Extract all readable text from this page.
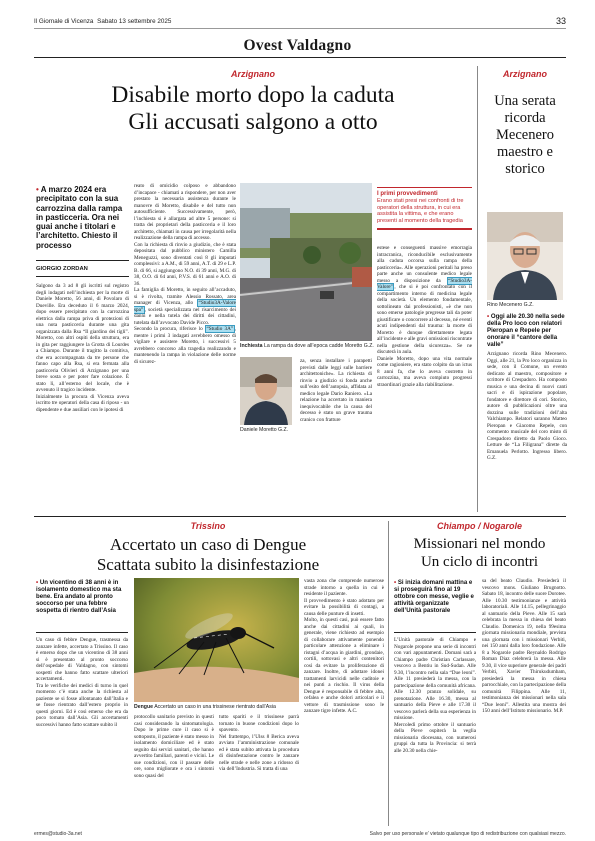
Il Giornale di Vicenza Sabato 13 settembre 2025	33
Ovest Valdagno
Arzignano
Disabile morto dopo la caduta
Gli accusati salgono a otto
• A marzo 2024 era precipitato con la sua carrozzina dalla rampa in pasticceria. Ora nei guai anche i titolari e l’architetto. Chiesto il processo
GIORGIO ZORDAN
Salgono da 3 ad 8 gli iscritti sul registro degli indagati nell’inchiesta per la morte di Daniele Moretto, 56 anni, di Povolaro di Dueville. Era deceduto il 6 marzo 2024, dopo essere precipitato con la carrozzina elettrica dalla rampa priva di protezioni di una nota pasticceria durante una gita organizzata dalla Rsa “Il giardino dei tigli”. Moretto, con altri ospiti della struttura, era in gita per raggiungere la Grotta di Lourdes a Chiampo. Durante il tragitto la comitiva, che era accompagnata da tre persone che fanno capo alla Rsa, si era fermata alla pasticceria Olivieri di Arzignano per una breve sosta e per poter fare colazione. È stato lì, all’esterno del locale, che è avvenuto il tragico incidente.
Inizialmente la procura di Vicenza aveva iscritto tre operatori della casa di riposo - un dipendente e due ausiliari con le ipotesi di
reato di omicidio colposo e abbandono d’incapace - chiamati a rispondere, per non aver prestato la necessaria assistenza durante le manovre di Moretto, disabile e del tutto non autosufficiente. Successivamente, però, l’inchiesta si è allargata ad altre 5 persone: si tratta dei proprietari della pasticceria e il loro architetto, chiamati in causa per irregolarità nella realizzazione della rampa di accesso.
Con la richiesta di rinvio a giudizio, che è stata depositata dal pubblico ministero Camilla Meneguzzi, sono diventati così 8 gli imputati complessivi: a A.M., di 59 anni, A.T. di 29 e L.P. B. di 66, si aggiungono N.O. di 39 anni, M.G. di 38, O.O. di 64 anni, P.V.S. di 61 anni e A.O. di 36.
La famiglia di Moretto, in seguito all’accaduto, si è rivolta, tramite Alessio Rossato, area manager di Vicenza, allo “Studio3A-Valore spa” , società specializzata nel risarcimento dei danni e nella tutela dei diritti dei cittadini, tutelata dall’avvocato Davide Picco.
Secondo la procura, riferisce lo “Studio 3A” , mentre i primi 3 indagati avrebbero omesso di vigilare e assistere Moretto, i successivi 5 avrebbero concorso alla tragedia realizzando e mantenendo la rampa in violazione delle norme di sicurez-
Inchiesta La rampa da dove all’epoca cadde Moretto G.Z.
Daniele Moretto G.Z.
za, senza installare i parapetti previsti dalle leggi sulle barriere architettoniche». La richiesta di rinvio a giudizio si fonda anche sull’esito dell’autopsia, affidata al medico legale Dario Raniero. «La relazione ha accertato in maniera inequivocabile che la causa del decesso è stato un grave trauma cranico con fratture
I primi provvedimenti
Erano stati presi nei confronti di tre operatori della struttura, in cui era assistita la vittima, e che erano presenti al momento della tragedia
estese e conseguenti massive emorragia intracranica, riconducibile esclusivamente alla caduta occorsa sulla rampa della pasticceria». Alle operazioni peritali ha preso parte anche un consulente medico legale messo a disposizione da “Studio3A-Valore” , che si è poi confrontato con il compartimento interno di medicina legale della società. Un elemento fondamentale, sottolineato dai professionisti, «è che non sono emerse patologie pregresse tali da poter giustificare o concorrere al decesso, né eventi acuti indipendenti dal trauma: la morte di Moretto è dunque direttamente legata all’incidente e alle gravi omissioni riscontrate nella gestione della sicurezza». Se ne discuterà in aula.
Daniele Moretto, dopo una vita normale come ragioniere, era stato colpito da un ictus 8 anni fa, che lo aveva costretto in carrozzina, ma aveva compiuto progressi straordinari grazie alla riabilitazione.
Arzignano
Una serata ricorda Mecenero maestro e storico
Rino Mecenero G.Z.
• Oggi alle 20.30 nella sede della Pro loco con relatori Pieropan e Repele per onorare il “cantore della valle”
Arzignano ricorda Rino Mecenero. Oggi, alle 21, la Pro loco organizza in sede, con il Comune, un evento dedicato al maestro, compositore e scrittore di Crespadoro. Ha composto musica e una decina di nuovi canti sacri e di ispirazione popolare, fondatore e direttore di cori. Storico, autore di pubblicazioni oltre una dozzina sulle tradizioni dell’alta Valchiampo. Relatori saranno Matteo Pieropan e Giacomo Repele, con commento musicale del coro misto di Crespadoro diretto da Paolo Gioco. Letture de “La Filigrana” dirette da Emanuela Perlotto. Ingresso libero. G.Z.
Trissino
Accertato un caso di Dengue
Scattata subito la disinfestazione
• Un vicentino di 38 anni è in isolamento domestico ma sta bene. Era andato al pronto soccorso per una febbre sospetta di rientro dall’Asia
Un caso di febbre Dengue, trasmessa da zanzare infette, accertato a Trissino. Il caso è emerso dopo che un vicentino di 38 anni si è presentato al pronto soccorso dell’ospedale di Valdagno, con sintomi sospetti che hanno fatto scattare ulteriori accertamenti.
Tra le verifiche dei medici di turno in quel momento c’è stata anche la richiesta al paziente se si fosse allontanato dall’Italia e se fosse rientrato dall’estero proprio in questi giorni. Ed è così emerso che era da poco tornato dall’Asia. Gli accertamenti successivi hanno fatto scattare subito il
Dengue Accertato un caso in una trissinese rientrato dall’Asia
protocollo sanitario previsto in questi casi considerando la sintomatologia. Dopo le prime cure il caso si è sottoposto, il paziente è stato messo in isolamento domiciliare ed è stato seguito dai servizi sanitari, che hanno avvertito familiari, parenti e vicini. Le sue condizioni, con il passare delle ore, sono migliorate e ora i sintomi sono quasi del
tutto spariti e il trissinese parrà tornato in buone condizioni dopo lo spavento.
Nel frattempo, l’Ulss 8 Berica aveva avviato l’amministrazione comunale ed è stata subito attivata la procedura di disinfestazione contro le zanzare nelle strade e nelle zone a ridosso di via dell’Industria. Si tratta di una
vasta zona che comprende numerose strade intorno a quella in cui è residente il paziente.
Il provvedimento è stato adottato per evitare la possibilità di contagi, a causa delle punture di insetti.
Molto, in questi casi, può essere fatto anche dai cittadini ai quali, in generale, viene richiesto ad esempio di collaborare attivamente ponendo particolare attenzione a eliminare i ristagni d’acqua in giardini, grondaie, cortili, sottovasi e altri contenitori così da evitare la proliferazione di zanzare. Inoltre, di adottare idonei trattamenti larvicidi nelle caditoie e nei punti a rischio. Il virus della Dengue è responsabile di febbre alta, cefalea e anche dolori articolari e il vettore di trasmissione sono le zanzare tigre infette. A.C.
Chiampo / Nogarole
Missionari nel mondo
Un ciclo di incontri
• Si inizia domani mattina e si proseguirà fino al 19 ottobre con messe, veglie e attività organizzate dell’Unità pastorale
L’Unità pastorale di Chiampo e Nogarole propone una serie di incontri con vari appuntamenti. Domani sarà a Chiampo padre Christian Carlassare, vescovo a Bentiu in Sud-Sudan. Alle 9.30, l’incontro nella sala “Due leoni”. Alle 11 presiederà la messa, con la partecipazione della comunità africana. Alle 12.30 pranzo solidale, su prenotazione. Alle 16.30, messa al santuario della Pieve e alle 17.30 il vescovo parlerà della sua esperienza in missione.
Mercoledì primo ottobre il santuario della Pieve ospiterà la veglia missionaria diocesana, con numerosi gruppi da tutta la Provincia: si terrà alle 20.30 nella chie-
sa del beato Claudio. Presiederà il vescovo mons. Giuliano Brugnotto. Sabato 18, incontro delle suore Dorotee. Alle 10.30 testimonianze e attività laboratoriali. Alle 14.15, pellegrinaggio al santuario della Pieve. Alle 15 sarà celebrata la messa in chiesa del beato Claudio. Domenica 19, nella 99esima giornata missionaria mondiale, prevista una giornata con i missionari Verbiti, nei 150 anni dalla loro fondazione. Alle 8 a Nogarole padre Reynaldo Rodrigo Roman Diaz celebrerà la messa. Alle 9.30, il vice superiore generale dei padri Verbiti, Xavier Thirukudumbam, presiederà la messa in chiesa parrocchiale, con la partecipazione della comunità Filippina. Alle 11, testimonianza dei missionari nella sala “Due leoni”. Allestita una mostra dei 150 anni dell’Istituto missionario. M.P.
ermes@studio-3a.net	Salvo per uso personale e’ vietato qualunque tipo di redistribuzione con qualsiasi mezzo.
